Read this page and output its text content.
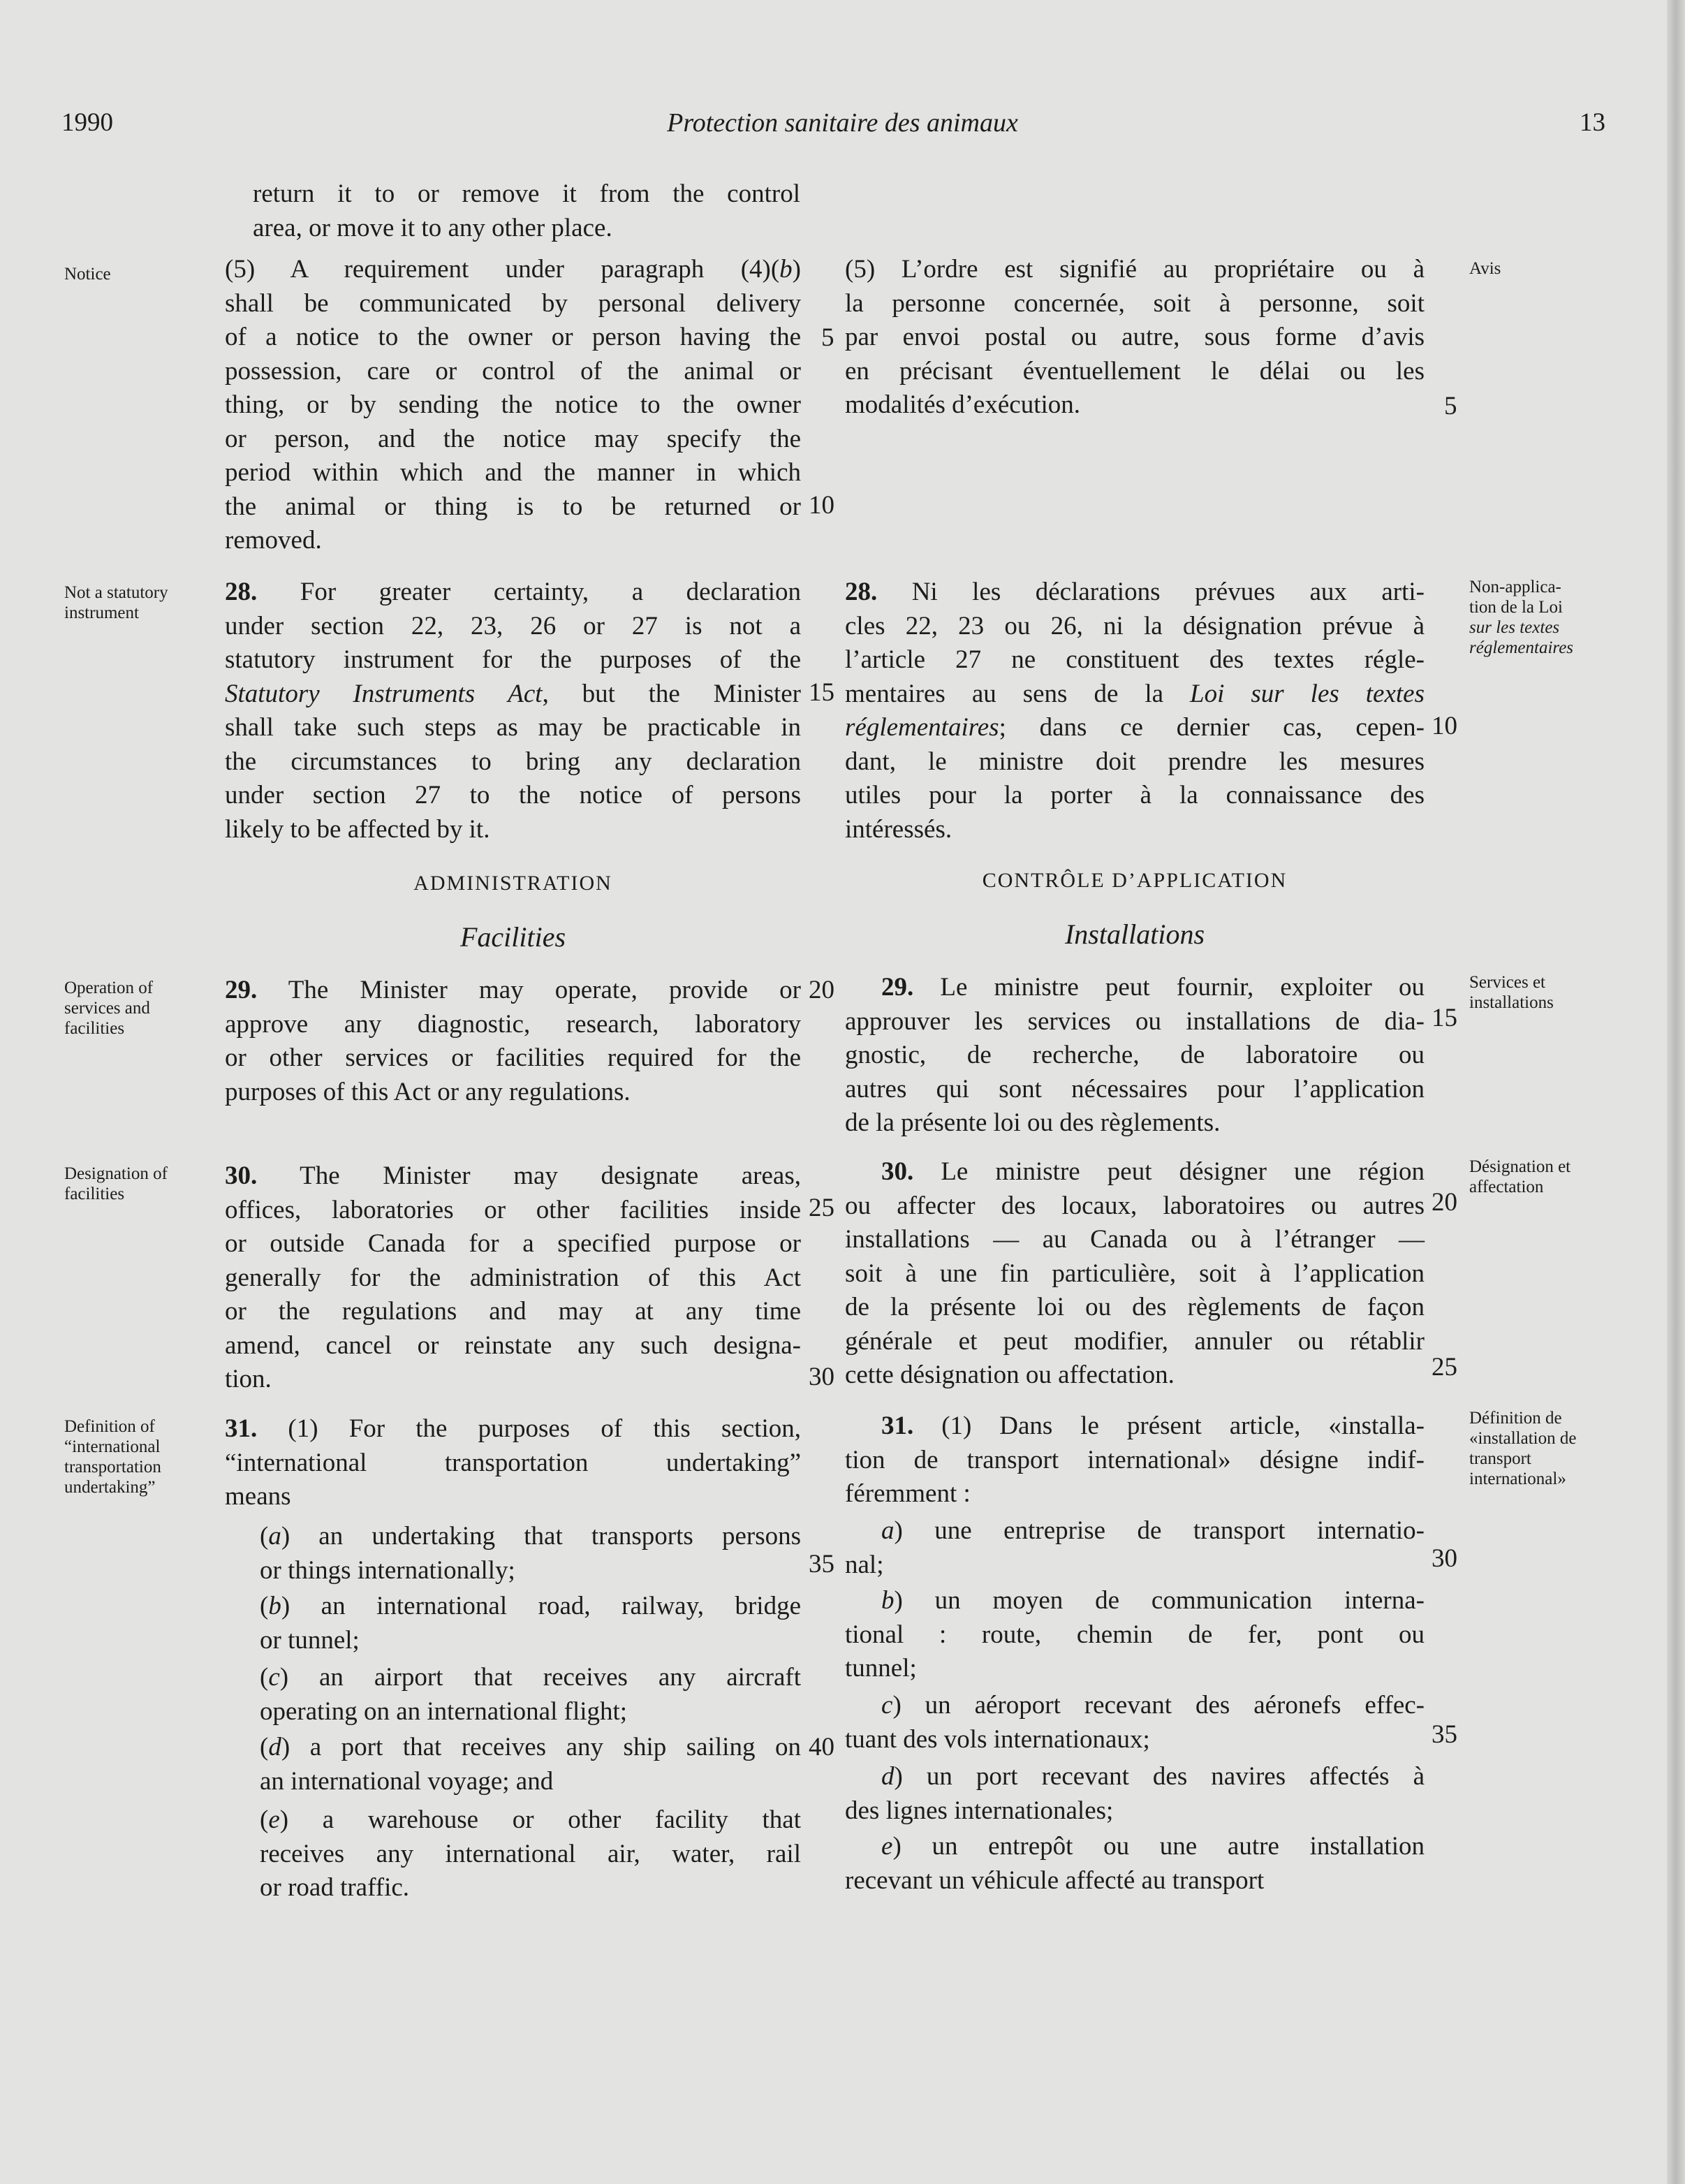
1990	Protection sanitaire des animaux	13
return it to or remove it from the control
area, or move it to any other place.
(5) A requirement under paragraph (4)(b)
shall be communicated by personal delivery
of a notice to the owner or person having the
possession, care or control of the animal or
thing, or by sending the notice to the owner
or person, and the notice may specify the
period within which and the manner in which
the animal or thing is to be returned or
removed.
28. For greater certainty, a declaration
under section 22, 23, 26 or 27 is not a
statutory instrument for the purposes of the
Statutory Instruments Act, but the Minister
shall take such steps as may be practicable in
the circumstances to bring any declaration
under section 27 to the notice of persons
likely to be affected by it.
ADMINISTRATION
Facilities
29. The Minister may operate, provide or
approve any diagnostic, research, laboratory
or other services or facilities required for the
purposes of this Act or any regulations.
30. The Minister may designate areas,
offices, laboratories or other facilities inside
or outside Canada for a specified purpose or
generally for the administration of this Act
or the regulations and may at any time
amend, cancel or reinstate any such designa-
tion.
31. (1) For the purposes of this section,
“international transportation undertaking”
means
(a) an undertaking that transports persons
or things internationally;
(b) an international road, railway, bridge
or tunnel;
(c) an airport that receives any aircraft
operating on an international flight;
(d) a port that receives any ship sailing on
an international voyage; and
(e) a warehouse or other facility that
receives any international air, water, rail
or road traffic.
Notice
Not a statutory
instrument
Operation of
services and
facilities
Designation of
facilities
Definition of
“international
transportation
undertaking”
5
10
15
20
25
30
35
40
(5) L’ordre est signifié au propriétaire ou à
la personne concernée, soit à personne, soit
par envoi postal ou autre, sous forme d’avis
en précisant éventuellement le délai ou les
modalités d’exécution.
28. Ni les déclarations prévues aux arti-
cles 22, 23 ou 26, ni la désignation prévue à
l’article 27 ne constituent des textes régle-
mentaires au sens de la Loi sur les textes
réglementaires; dans ce dernier cas, cepen-
dant, le ministre doit prendre les mesures
utiles pour la porter à la connaissance des
intéressés.
CONTRÔLE D’APPLICATION
Installations
29. Le ministre peut fournir, exploiter ou
approuver les services ou installations de dia-
gnostic, de recherche, de laboratoire ou
autres qui sont nécessaires pour l’application
de la présente loi ou des règlements.
30. Le ministre peut désigner une région
ou affecter des locaux, laboratoires ou autres
installations — au Canada ou à l’étranger —
soit à une fin particulière, soit à l’application
de la présente loi ou des règlements de façon
générale et peut modifier, annuler ou rétablir
cette désignation ou affectation.
31. (1) Dans le présent article, «installa-
tion de transport international» désigne indif-
féremment :
a) une entreprise de transport internatio-
nal;
b) un moyen de communication interna-
tional : route, chemin de fer, pont ou
tunnel;
c) un aéroport recevant des aéronefs effec-
tuant des vols internationaux;
d) un port recevant des navires affectés à
des lignes internationales;
e) un entrepôt ou une autre installation
recevant un véhicule affecté au transport
Avis
Non-applica-
tion de la Loi
sur les textes
réglementaires
Services et
installations
Désignation et
affectation
Définition de
«installation de
transport
international»
5
10
15
20
25
30
35
